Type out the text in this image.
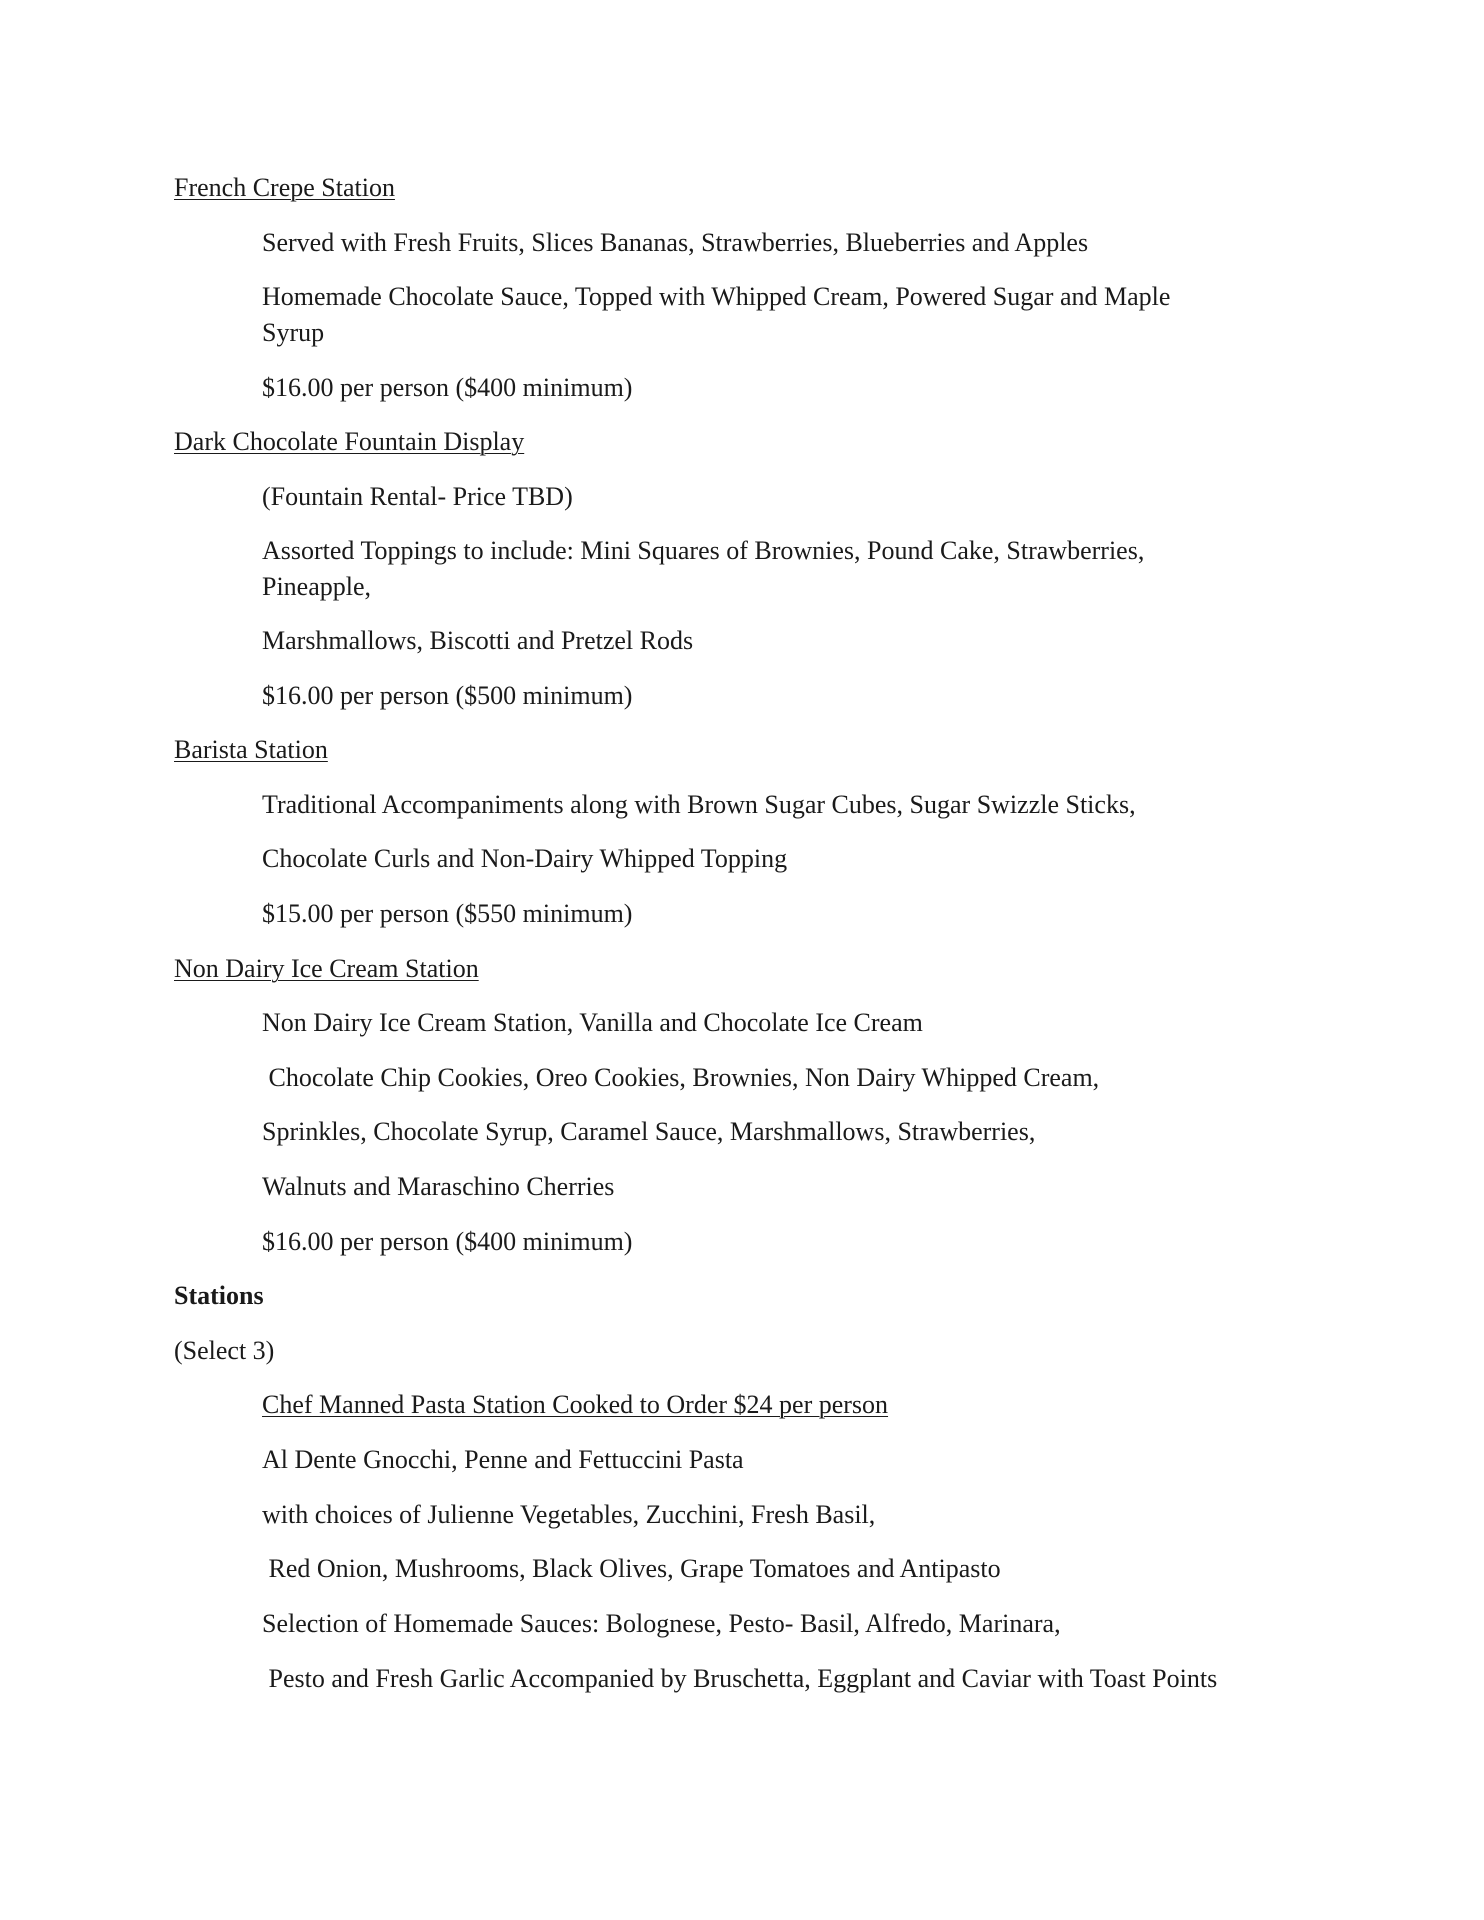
French Crepe Station
Served with Fresh Fruits, Slices Bananas, Strawberries, Blueberries and Apples
Homemade Chocolate Sauce, Topped with Whipped Cream, Powered Sugar and Maple
Syrup
$16.00 per person ($400 minimum)
Dark Chocolate Fountain Display
(Fountain Rental- Price TBD)
Assorted Toppings to include: Mini Squares of Brownies, Pound Cake, Strawberries,
Pineapple,
Marshmallows, Biscotti and Pretzel Rods
$16.00 per person ($500 minimum)
Barista Station
Traditional Accompaniments along with Brown Sugar Cubes, Sugar Swizzle Sticks,
Chocolate Curls and Non-Dairy Whipped Topping
$15.00 per person ($550 minimum)
Non Dairy Ice Cream Station
Non Dairy Ice Cream Station, Vanilla and Chocolate Ice Cream
Chocolate Chip Cookies, Oreo Cookies, Brownies, Non Dairy Whipped Cream,
Sprinkles, Chocolate Syrup, Caramel Sauce, Marshmallows, Strawberries,
Walnuts and Maraschino Cherries
$16.00 per person ($400 minimum)
Stations
(Select 3)
Chef Manned Pasta Station Cooked to Order $24 per person
Al Dente Gnocchi, Penne and Fettuccini Pasta
with choices of Julienne Vegetables, Zucchini, Fresh Basil,
Red Onion, Mushrooms, Black Olives, Grape Tomatoes and Antipasto
Selection of Homemade Sauces: Bolognese, Pesto- Basil, Alfredo, Marinara,
Pesto and Fresh Garlic Accompanied by Bruschetta, Eggplant and Caviar with Toast Points
